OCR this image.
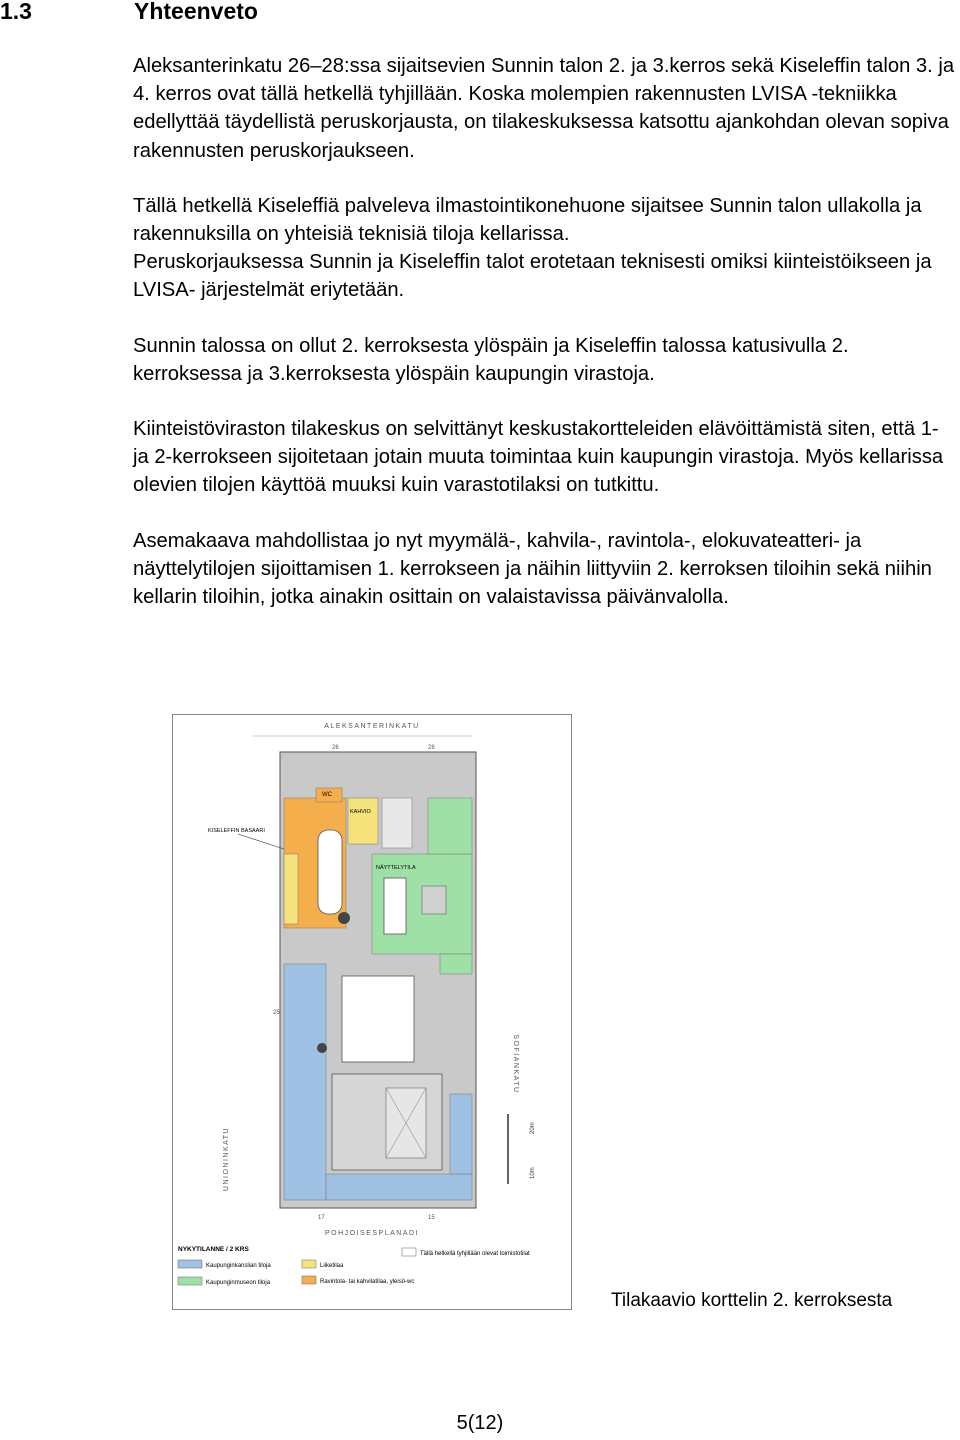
1.3	Yhteenveto

Aleksanterinkatu 26–28:ssa sijaitsevien Sunnin talon 2. ja 3.kerros sekä Kiseleffin talon 3. ja 4. kerros ovat tällä hetkellä tyhjillään. Koska molempien rakennusten LVISA -tekniikka edellyttää täydellistä peruskorjausta, on tilakeskuksessa katsottu ajankohdan olevan sopiva rakennusten peruskorjaukseen.

Tällä hetkellä Kiseleffiä palveleva ilmastointikonehuone sijaitsee Sunnin talon ullakolla ja rakennuksilla on yhteisiä teknisiä tiloja kellarissa.

Peruskorjauksessa Sunnin ja Kiseleffin talot erotetaan teknisesti omiksi kiinteistöikseen ja LVISA- järjestelmät eriytetään.

Sunnin talossa on ollut 2. kerroksesta ylöspäin ja Kiseleffin talossa katusivulla 2. kerroksessa ja 3.kerroksesta ylöspäin kaupungin virastoja.

Kiinteistöviraston tilakeskus on selvittänyt keskustakortteleiden elävöittämistä siten, että 1- ja 2-kerrokseen sijoitetaan jotain muuta toimintaa kuin kaupungin virastoja. Myös kellarissa olevien tilojen käyttöä muuksi kuin varastotilaksi on tutkittu.

Asemakaava mahdollistaa jo nyt myymälä-, kahvila-, ravintola-, elokuvateatteri- ja näyttelytilojen sijoittamisen 1. kerrokseen ja näihin liittyviin 2. kerroksen tiloihin sekä niihin kellarin tiloihin, jotka ainakin osittain on valaistavissa päivänvalolla.

ALEKSANTERINKATU
UNIONINKATU
SOFIANKATU
POHJOISESPLANADI
26	28
25
17	15
WC
KAHVIO
NÄYTTELYTILA
KISELEFFIN BASAARI
20m
10m
NYKYTILANNE / 2 KRS
Kaupunginkanslian tiloja
Kaupunginmuseon tiloja
Liiketilaa
Ravintola- tai kahvilatilaa, yleisö-wc
Tällä hetkellä tyhjillään olevat toimistotilat
Tilakaavio korttelin 2. kerroksesta
5(12)
